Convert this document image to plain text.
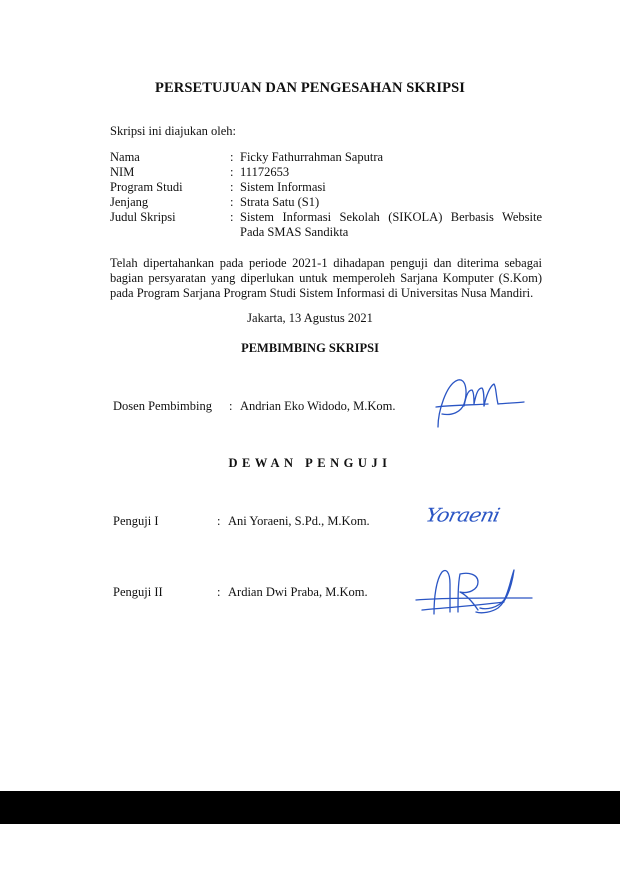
PERSETUJUAN DAN PENGESAHAN SKRIPSI
Skripsi ini diajukan oleh:
Nama	: Ficky Fathurrahman Saputra
NIM	: 11172653
Program Studi	: Sistem Informasi
Jenjang	: Strata Satu (S1)
Judul Skripsi	: Sistem Informasi Sekolah (SIKOLA) Berbasis Website
Pada SMAS Sandikta
Telah dipertahankan pada periode 2021-1 dihadapan penguji dan diterima sebagai bagian persyaratan yang diperlukan untuk memperoleh Sarjana Komputer (S.Kom) pada Program Sarjana Program Studi Sistem Informasi di Universitas Nusa Mandiri.
Jakarta, 13 Agustus 2021
PEMBIMBING SKRIPSI
Dosen Pembimbing	: Andrian Eko Widodo, M.Kom.
DEWAN PENGUJI
Penguji I	: Ani Yoraeni, S.Pd., M.Kom.	Yoraeni
Penguji II	: Ardian Dwi Praba, M.Kom.
